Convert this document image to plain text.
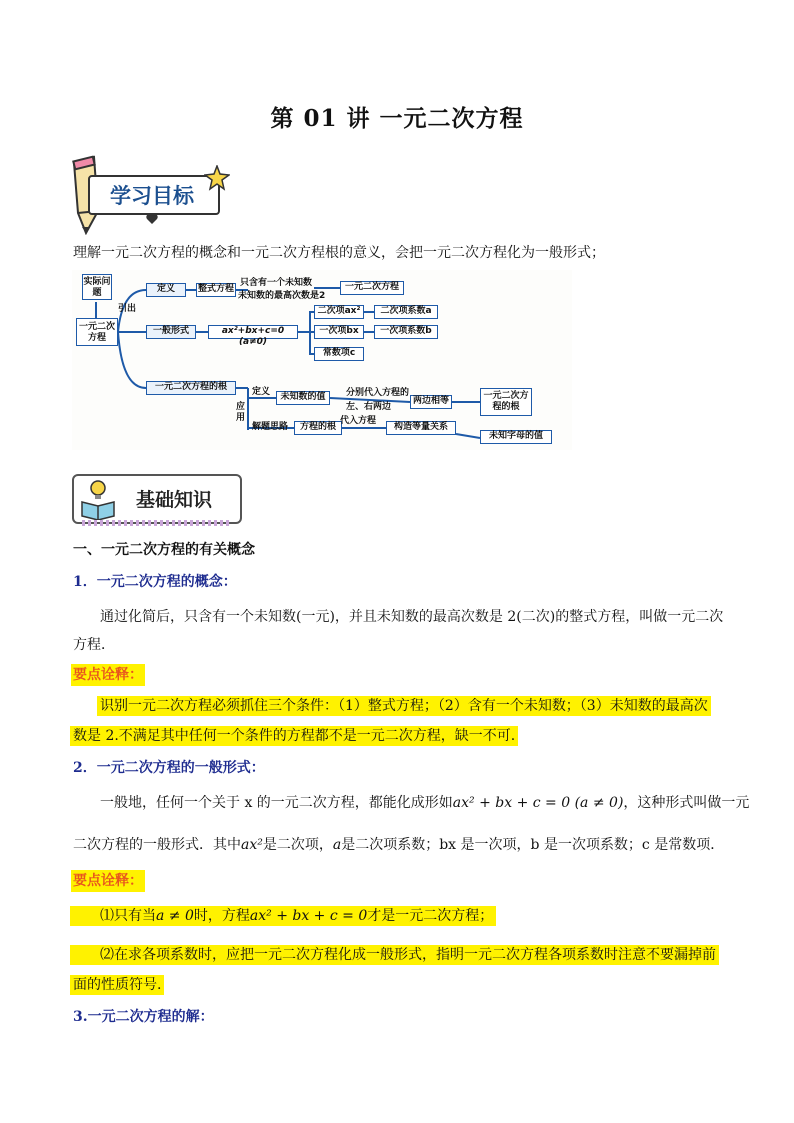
第 01 讲 一元二次方程
学习目标
理解一元二次方程的概念和一元二次方程根的意义，会把一元二次方程化为一般形式；
实际问题
引出
一元二次方程
定义	整式方程
只含有一个未知数
未知数的最高次数是2
一元二次方程
一般形式	ax²+bx+c=0 (a≠0)
二次项ax²	二次项系数a
一次项bx	一次项系数b
常数项c
一元二次方程的根
应用
定义	未知数的值	分别代入方程的
左、右两边
两边相等	一元二次方程的根
解题思路	方程的根
代入方程
构造等量关系
未知字母的值
基础知识
一、一元二次方程的有关概念
1．一元二次方程的概念：
通过化简后，只含有一个未知数(一元)，并且未知数的最高次数是 2(二次)的整式方程，叫做一元二次
方程．
要点诠释：
识别一元二次方程必须抓住三个条件：（1）整式方程；（2）含有一个未知数；（3）未知数的最高次
数是 2.不满足其中任何一个条件的方程都不是一元二次方程，缺一不可.
2．一元二次方程的一般形式：
一般地，任何一个关于 x 的一元二次方程，都能化成形如ax² + bx + c = 0 (a ≠ 0)，这种形式叫做一元
二次方程的一般形式．其中ax²是二次项，a是二次项系数；bx 是一次项，b 是一次项系数；c 是常数项．
要点诠释：
⑴只有当a ≠ 0时，方程ax² + bx + c = 0才是一元二次方程；
⑵在求各项系数时，应把一元二次方程化成一般形式，指明一元二次方程各项系数时注意不要漏掉前
面的性质符号.
3.一元二次方程的解：
